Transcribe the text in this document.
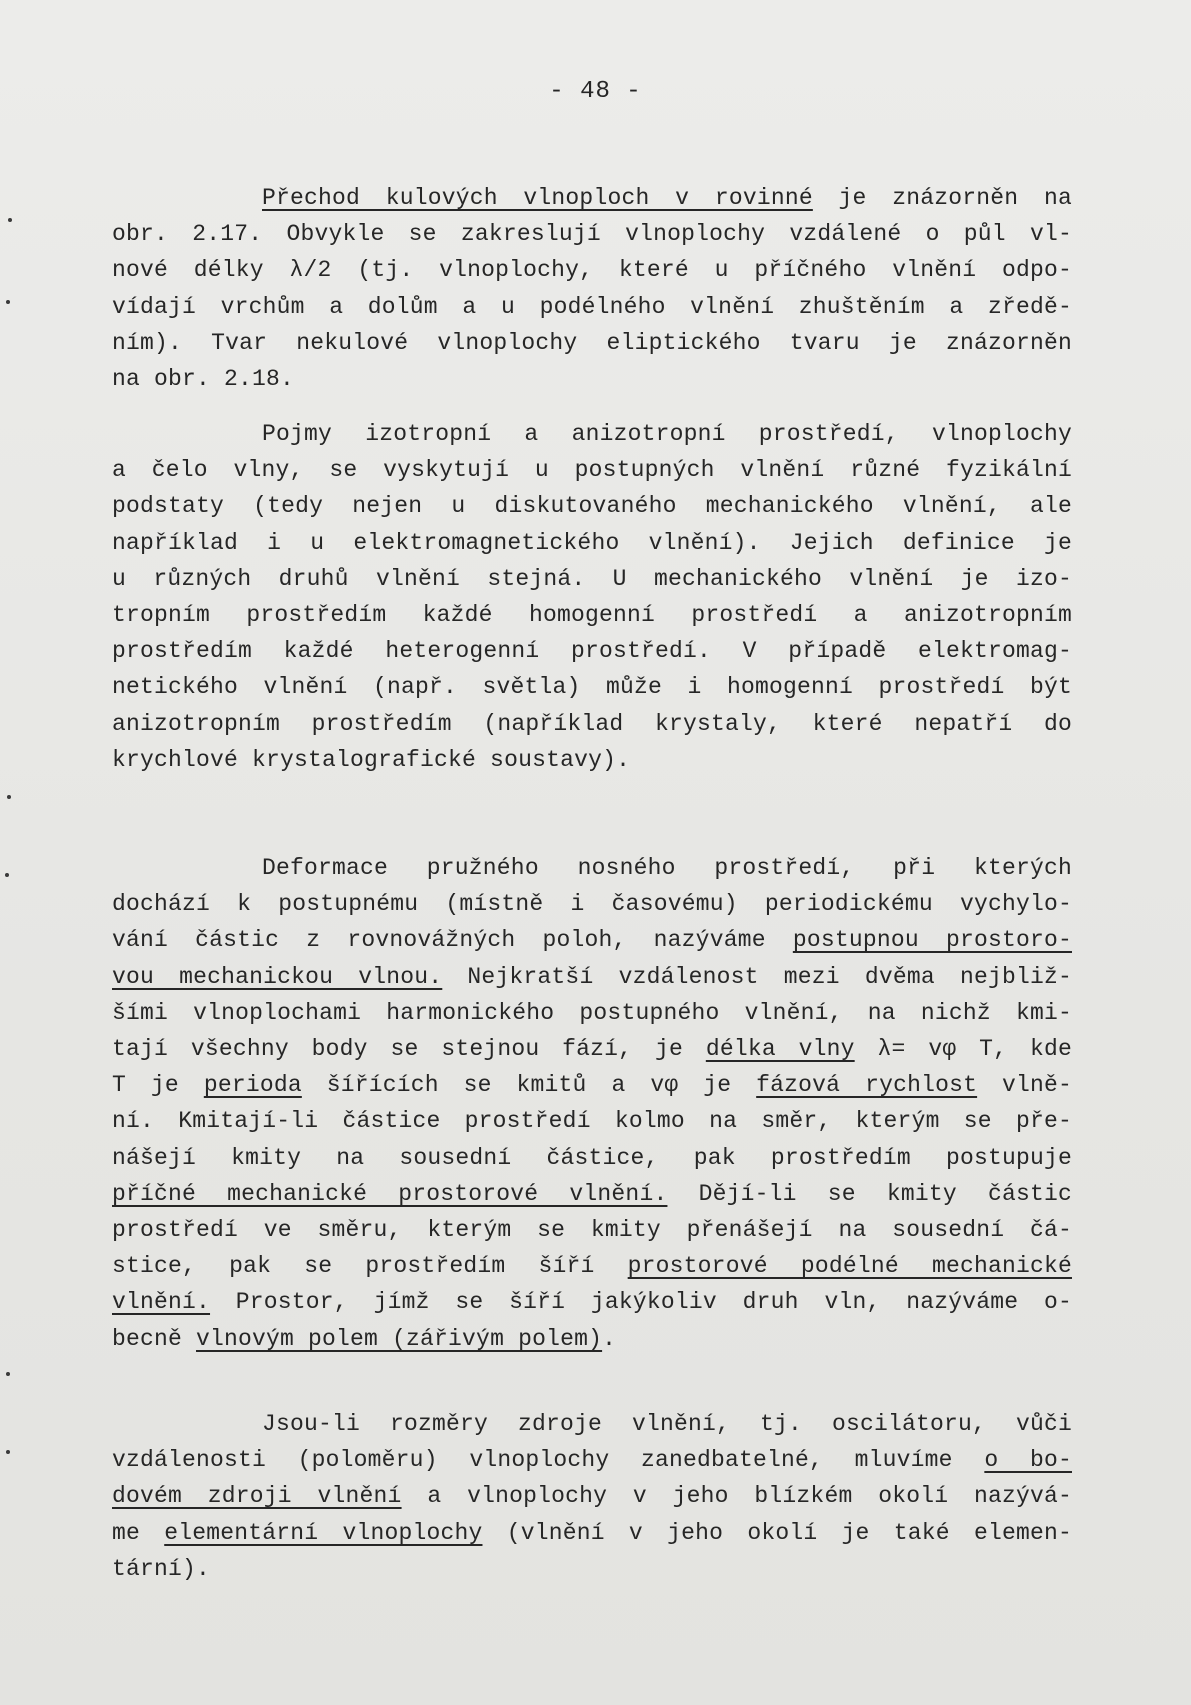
- 48 -
Přechod kulových vlnoploch v rovinné je znázorněn na
obr. 2.17. Obvykle se zakreslují vlnoplochy vzdálené o půl vl-
nové délky λ/2 (tj. vlnoplochy, které u příčného vlnění odpo-
vídají vrchům a dolům a u podélného vlnění zhuštěním a zředě-
ním). Tvar nekulové vlnoplochy eliptického tvaru je znázorněn
na obr. 2.18.
Pojmy izotropní a anizotropní prostředí, vlnoplochy
a čelo vlny, se vyskytují u postupných vlnění různé fyzikální
podstaty (tedy nejen u diskutovaného mechanického vlnění, ale
například i u elektromagnetického vlnění). Jejich definice je
u různých druhů vlnění stejná. U mechanického vlnění je izo-
tropním prostředím každé homogenní prostředí a anizotropním
prostředím každé heterogenní prostředí. V případě elektromag-
netického vlnění (např. světla) může i homogenní prostředí být
anizotropním prostředím (například krystaly, které nepatří do
krychlové krystalografické soustavy).
Deformace pružného nosného prostředí, při kterých
dochází k postupnému (místně i časovému) periodickému vychylo-
vání částic z rovnovážných poloh, nazýváme postupnou prostoro-
vou mechanickou vlnou. Nejkratší vzdálenost mezi dvěma nejbliž-
šími vlnoplochami harmonického postupného vlnění, na nichž kmi-
tají všechny body se stejnou fází, je délka vlny λ= vφ T, kde
T je perioda šířících se kmitů a vφ je fázová rychlost vlně-
ní. Kmitají-li částice prostředí kolmo na směr, kterým se pře-
nášejí kmity na sousední částice, pak prostředím postupuje
příčné mechanické prostorové vlnění. Dějí-li se kmity částic
prostředí ve směru, kterým se kmity přenášejí na sousední čá-
stice, pak se prostředím šíří prostorové podélné mechanické
vlnění. Prostor, jímž se šíří jakýkoliv druh vln, nazýváme o-
becně vlnovým polem (zářivým polem).
Jsou-li rozměry zdroje vlnění, tj. oscilátoru, vůči
vzdálenosti (poloměru) vlnoplochy zanedbatelné, mluvíme o bo-
dovém zdroji vlnění a vlnoplochy v jeho blízkém okolí nazývá-
me elementární vlnoplochy (vlnění v jeho okolí je také elemen-
tární).
